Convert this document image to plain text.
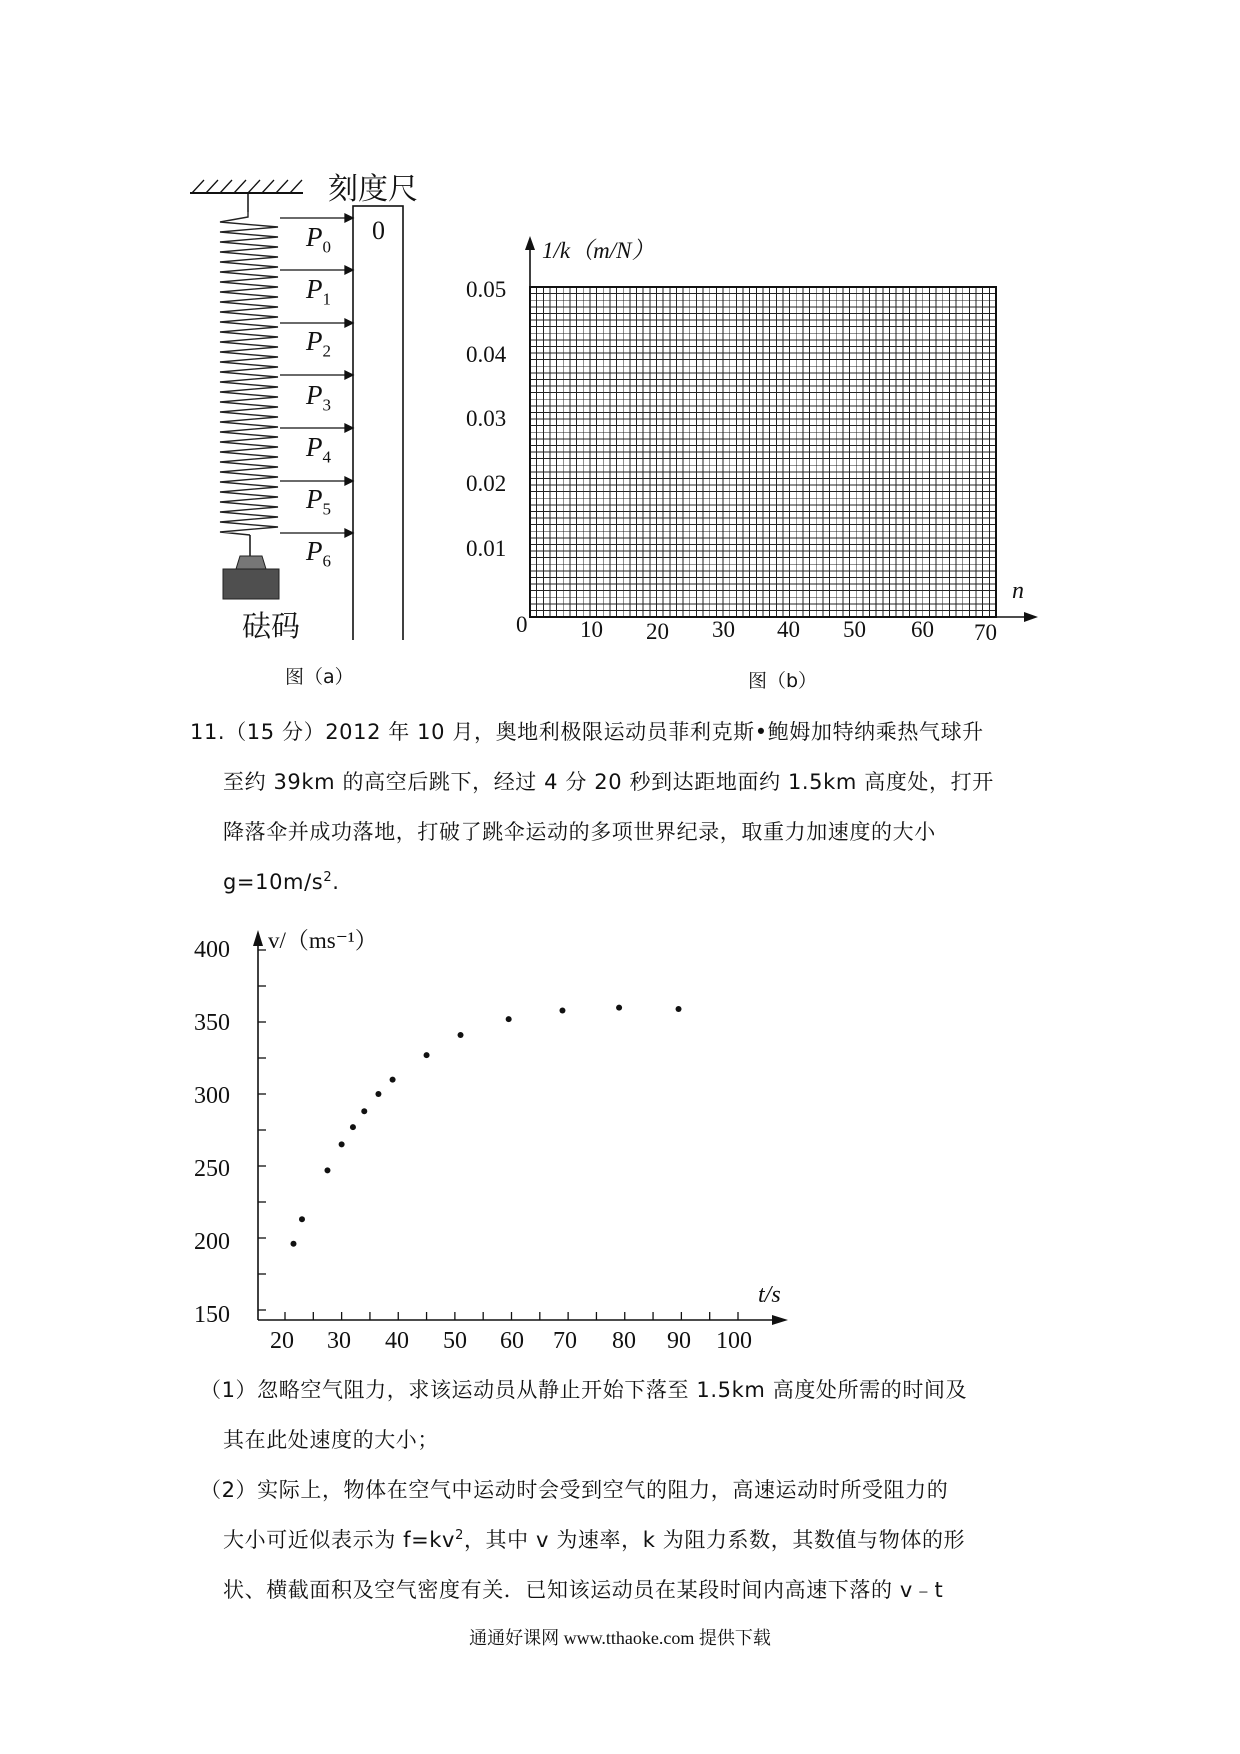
刻度尺
0
$P_0$
$P_1$
$P_2$
$P_3$
$P_4$
$P_5$
$P_6$
砝码
图（a）
1/k（m/N）
n
0
0.05
0.04
0.03
0.02
0.01
10 20 30 40 50 60 70
图（b）
11.（15 分）2012 年 10 月，奥地利极限运动员菲利克斯•鲍姆加特纳乘热气球升
至约 39km 的高空后跳下，经过 4 分 20 秒到达距地面约 1.5km 高度处，打开
降落伞并成功落地，打破了跳伞运动的多项世界纪录，取重力加速度的大小
$g=10m/s^2$.
v/（ms⁻¹）
t/s
400
350
300
250
200
150
20 30 40 50 60 70 80 90 100
（1）忽略空气阻力，求该运动员从静止开始下落至 1.5km 高度处所需的时间及
其在此处速度的大小；
（2）实际上，物体在空气中运动时会受到空气的阻力，高速运动时所受阻力的
大小可近似表示为 $f=kv^2$，其中 v 为速率，k 为阻力系数，其数值与物体的形
状、横截面积及空气密度有关．已知该运动员在某段时间内高速下落的 v﹣t
通通好课网 www.tthaoke.com 提供下载
